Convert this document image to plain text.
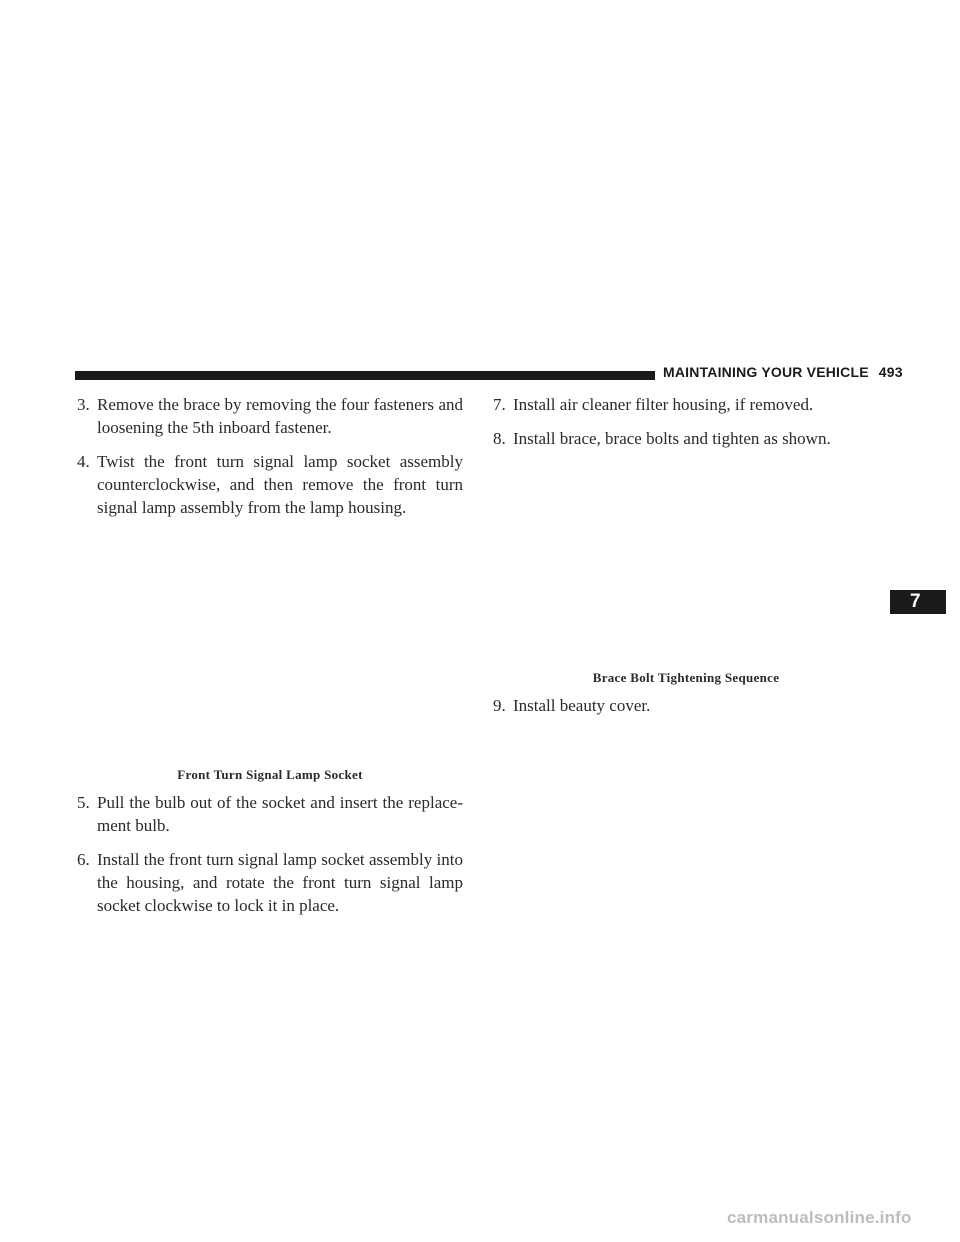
MAINTAINING YOUR VEHICLE 493

3. Remove the brace by removing the four fasteners and loosening the 5th inboard fastener.

4. Twist the front turn signal lamp socket assembly counterclockwise, and then remove the front turn signal lamp assembly from the lamp housing.

Front Turn Signal Lamp Socket

5. Pull the bulb out of the socket and insert the replacement bulb.

6. Install the front turn signal lamp socket assembly into the housing, and rotate the front turn signal lamp socket clockwise to lock it in place.

7. Install air cleaner filter housing, if removed.

8. Install brace, brace bolts and tighten as shown.

Brace Bolt Tightening Sequence

9. Install beauty cover.

7
carmanualsonline.info
